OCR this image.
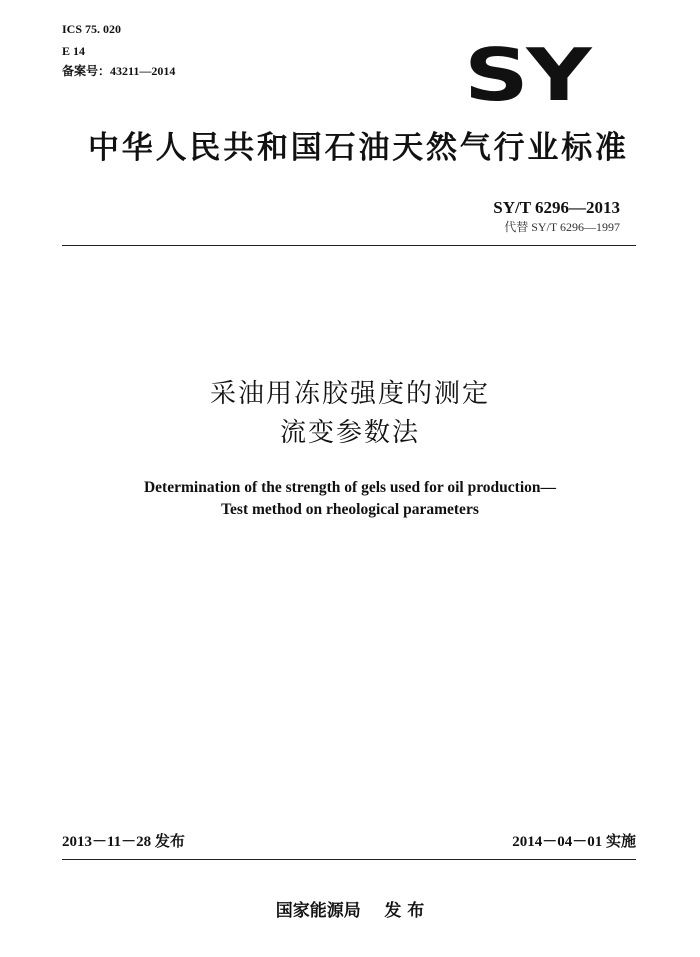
ICS 75. 020
E 14
备案号：43211—2014	SY
中华人民共和国石油天然气行业标准
SY/T 6296—2013
代替 SY/T 6296—1997
采油用冻胶强度的测定
流变参数法
Determination of the strength of gels used for oil production—
Test method on rheological parameters
2013－11－28 发布	2014－04－01 实施
国家能源局    发 布
